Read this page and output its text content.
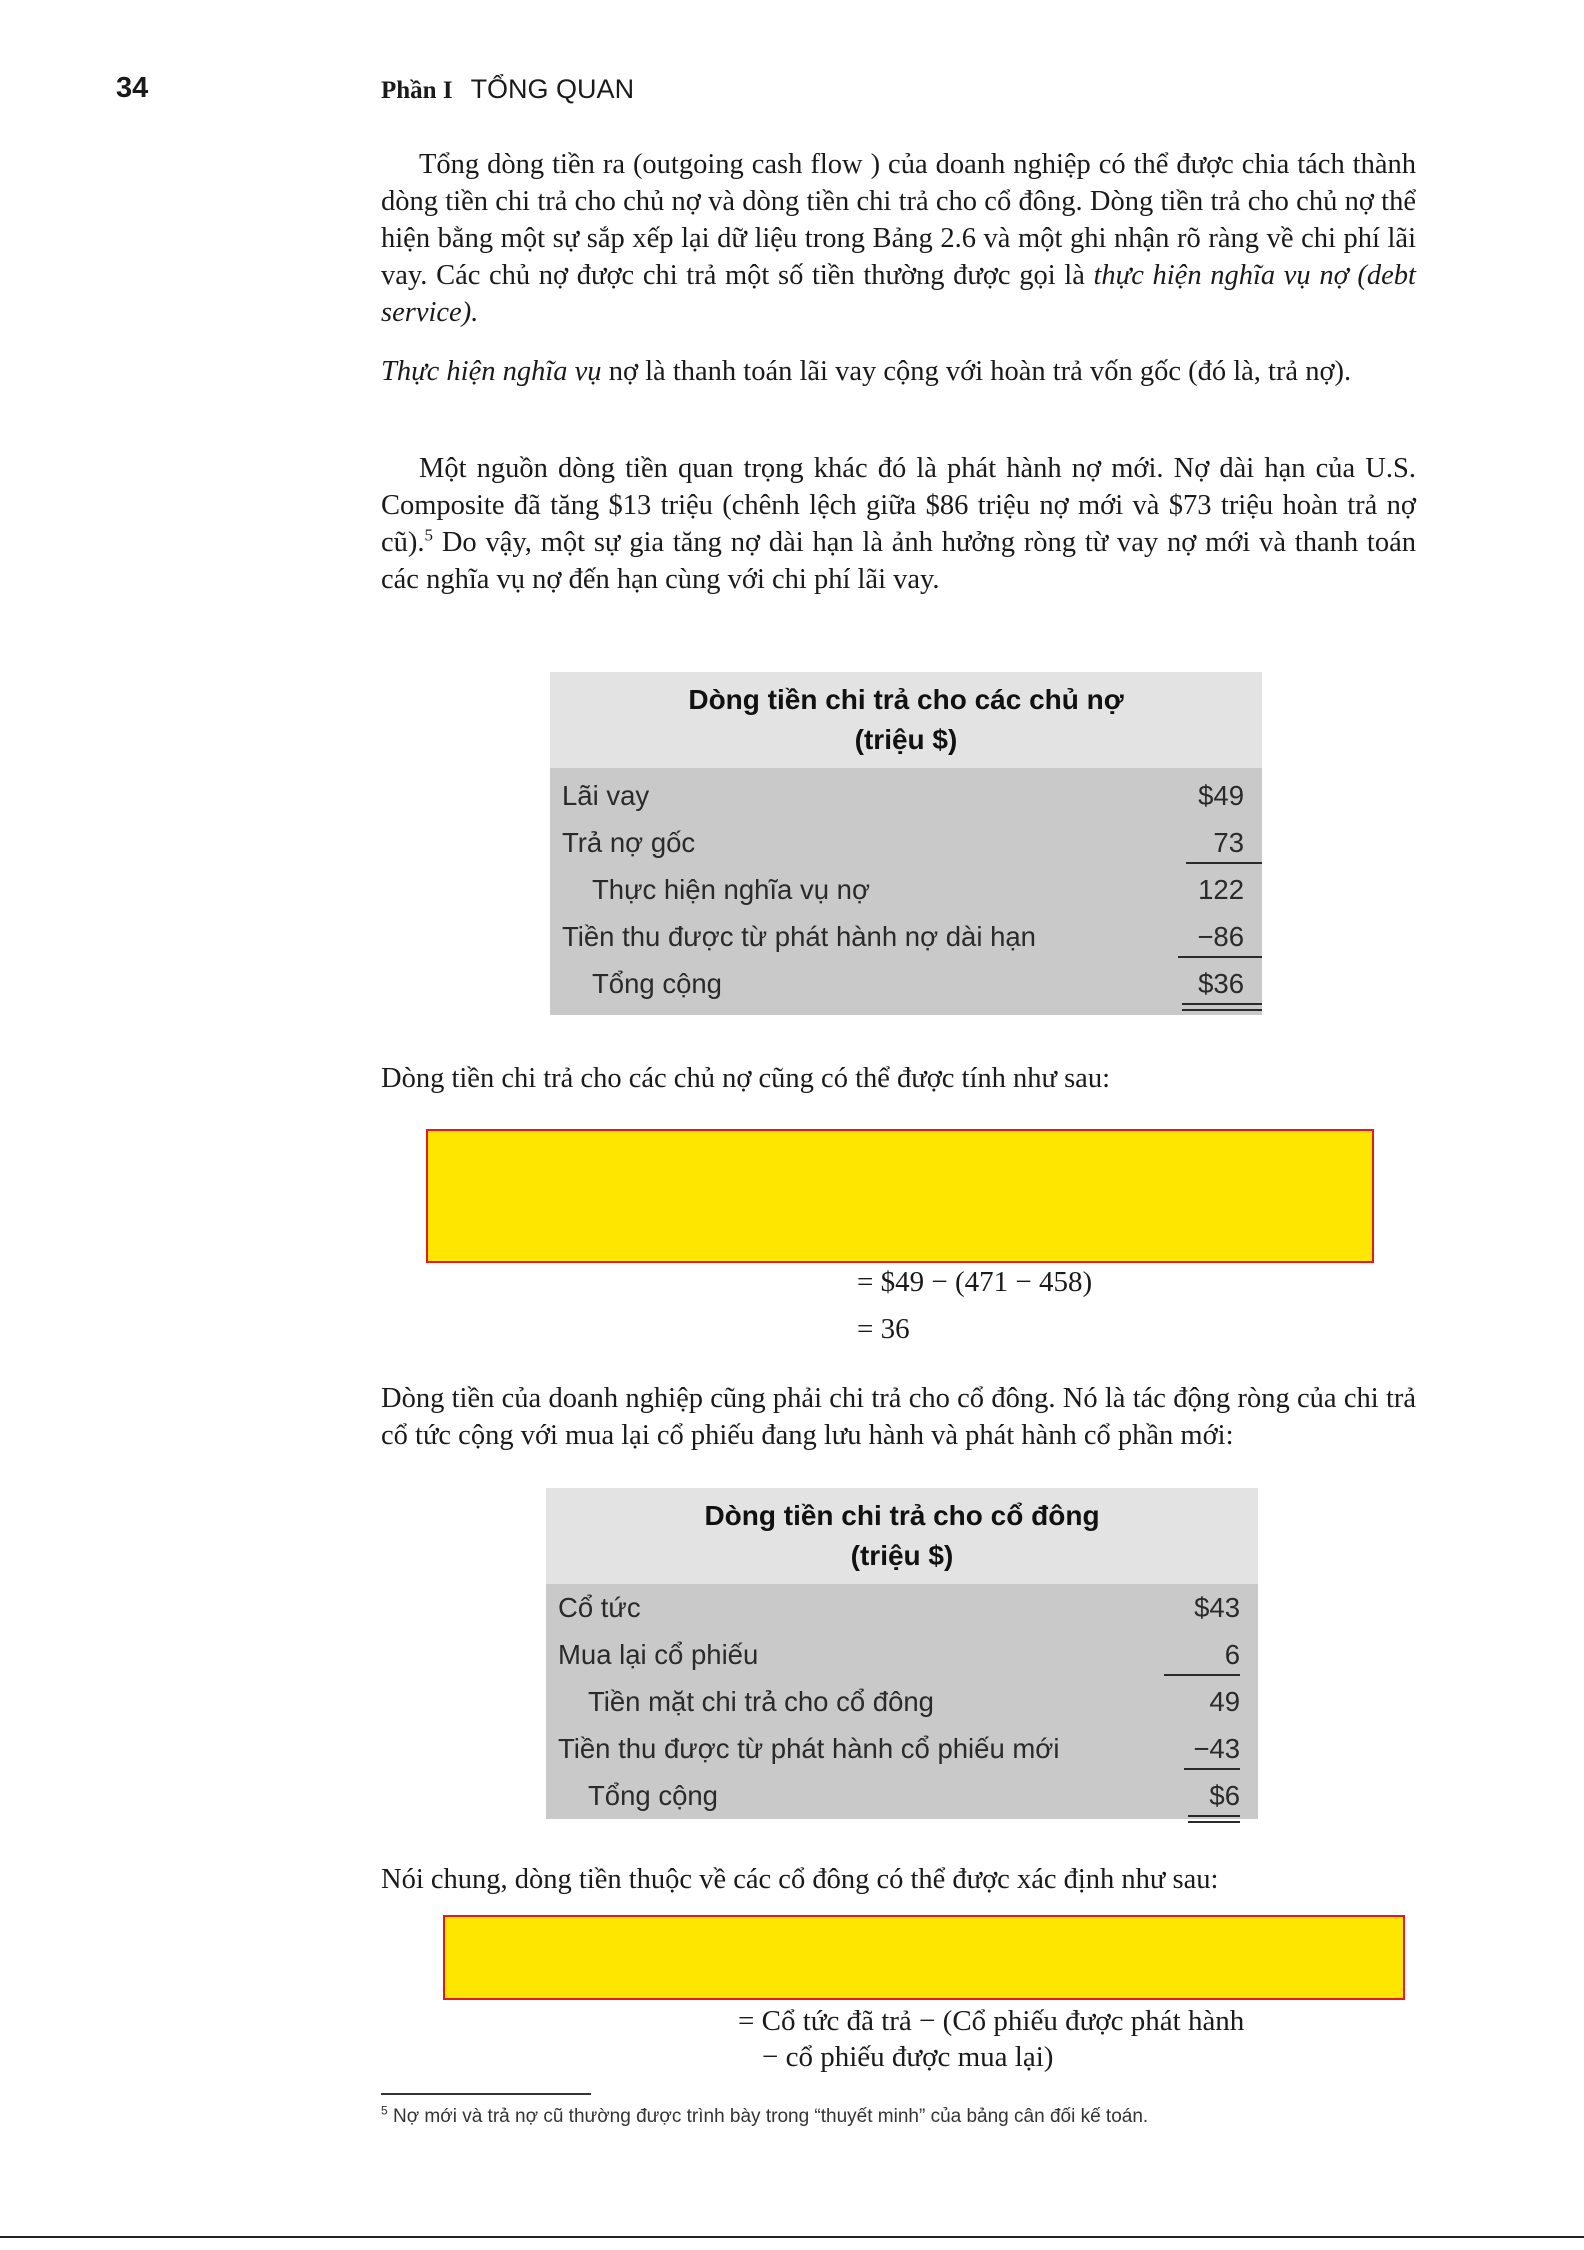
34	Phần I TỔNG QUAN

Tổng dòng tiền ra (outgoing cash flow ) của doanh nghiệp có thể được chia tách thành dòng tiền chi trả cho chủ nợ và dòng tiền chi trả cho cổ đông. Dòng tiền trả cho chủ nợ thể hiện bằng một sự sắp xếp lại dữ liệu trong Bảng 2.6 và một ghi nhận rõ ràng về chi phí lãi vay. Các chủ nợ được chi trả một số tiền thường được gọi là thực hiện nghĩa vụ nợ (debt service).

Thực hiện nghĩa vụ nợ là thanh toán lãi vay cộng với hoàn trả vốn gốc (đó là, trả nợ).

Một nguồn dòng tiền quan trọng khác đó là phát hành nợ mới. Nợ dài hạn của U.S. Composite đã tăng $13 triệu (chênh lệch giữa $86 triệu nợ mới và $73 triệu hoàn trả nợ cũ).$^5$ Do vậy, một sự gia tăng nợ dài hạn là ảnh hưởng ròng từ vay nợ mới và thanh toán các nghĩa vụ nợ đến hạn cùng với chi phí lãi vay.

Dòng tiền chi trả cho các chủ nợ
(triệu $)
Lãi vay	$49
Trả nợ gốc	73
Thực hiện nghĩa vụ nợ	122
Tiền thu được từ phát hành nợ dài hạn	−86
Tổng cộng	$36

Dòng tiền chi trả cho các chủ nợ cũng có thể được tính như sau:

= $49 − (471 − 458)
= 36

Dòng tiền của doanh nghiệp cũng phải chi trả cho cổ đông. Nó là tác động ròng của chi trả cổ tức cộng với mua lại cổ phiếu đang lưu hành và phát hành cổ phần mới:

Dòng tiền chi trả cho cổ đông
(triệu $)
Cổ tức	$43
Mua lại cổ phiếu	6
Tiền mặt chi trả cho cổ đông	49
Tiền thu được từ phát hành cổ phiếu mới	−43
Tổng cộng	$6

Nói chung, dòng tiền thuộc về các cổ đông có thể được xác định như sau:

= Cổ tức đã trả − (Cổ phiếu được phát hành
− cổ phiếu được mua lại)
$^5$ Nợ mới và trả nợ cũ thường được trình bày trong “thuyết minh” của bảng cân đối kế toán.
